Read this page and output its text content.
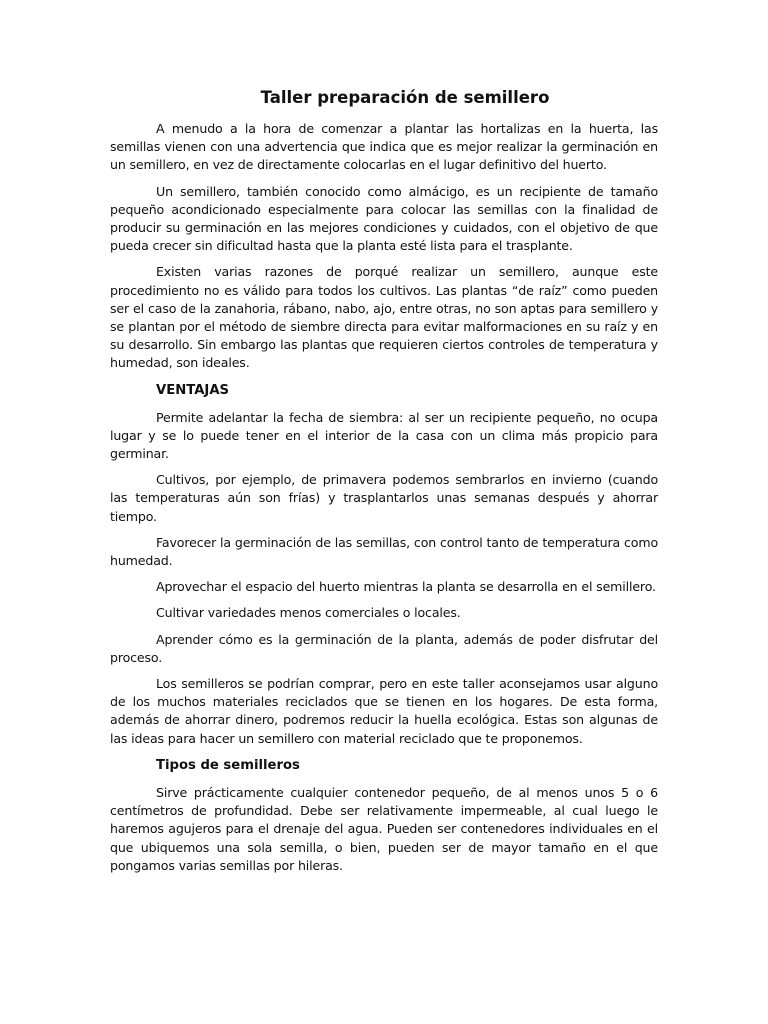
Taller preparación de semillero

A menudo a la hora de comenzar a plantar las hortalizas en la huerta, las semillas vienen con una advertencia que indica que es mejor realizar la germinación en un semillero, en vez de directamente colocarlas en el lugar definitivo del huerto.

Un semillero, también conocido como almácigo, es un recipiente de tamaño pequeño acondicionado especialmente para colocar las semillas con la finalidad de producir su germinación en las mejores condiciones y cuidados, con el objetivo de que pueda crecer sin dificultad hasta que la planta esté lista para el trasplante.

Existen varias razones de porqué realizar un semillero, aunque este procedimiento no es válido para todos los cultivos. Las plantas “de raíz” como pueden ser el caso de la zanahoria, rábano, nabo, ajo, entre otras, no son aptas para semillero y se plantan por el método de siembre directa para evitar malformaciones en su raíz y en su desarrollo. Sin embargo las plantas que requieren ciertos controles de temperatura y humedad, son ideales.

VENTAJAS

Permite adelantar la fecha de siembra: al ser un recipiente pequeño, no ocupa lugar y se lo puede tener en el interior de la casa con un clima más propicio para germinar.

Cultivos, por ejemplo, de primavera podemos sembrarlos en invierno (cuando las temperaturas aún son frías) y trasplantarlos unas semanas después y ahorrar tiempo.

Favorecer la germinación de las semillas, con control tanto de temperatura como humedad.

Aprovechar el espacio del huerto mientras la planta se desarrolla en el semillero.

Cultivar variedades menos comerciales o locales.

Aprender cómo es la germinación de la planta, además de poder disfrutar del proceso.

Los semilleros se podrían comprar, pero en este taller aconsejamos usar alguno de los muchos materiales reciclados que se tienen en los hogares. De esta forma, además de ahorrar dinero, podremos reducir la huella ecológica. Estas son algunas de las ideas para hacer un semillero con material reciclado que te proponemos.

Tipos de semilleros

Sirve prácticamente cualquier contenedor pequeño, de al menos unos 5 o 6 centímetros de profundidad. Debe ser relativamente impermeable, al cual luego le haremos agujeros para el drenaje del agua. Pueden ser contenedores individuales en el que ubiquemos una sola semilla, o bien, pueden ser de mayor tamaño en el que pongamos varias semillas por hileras.
